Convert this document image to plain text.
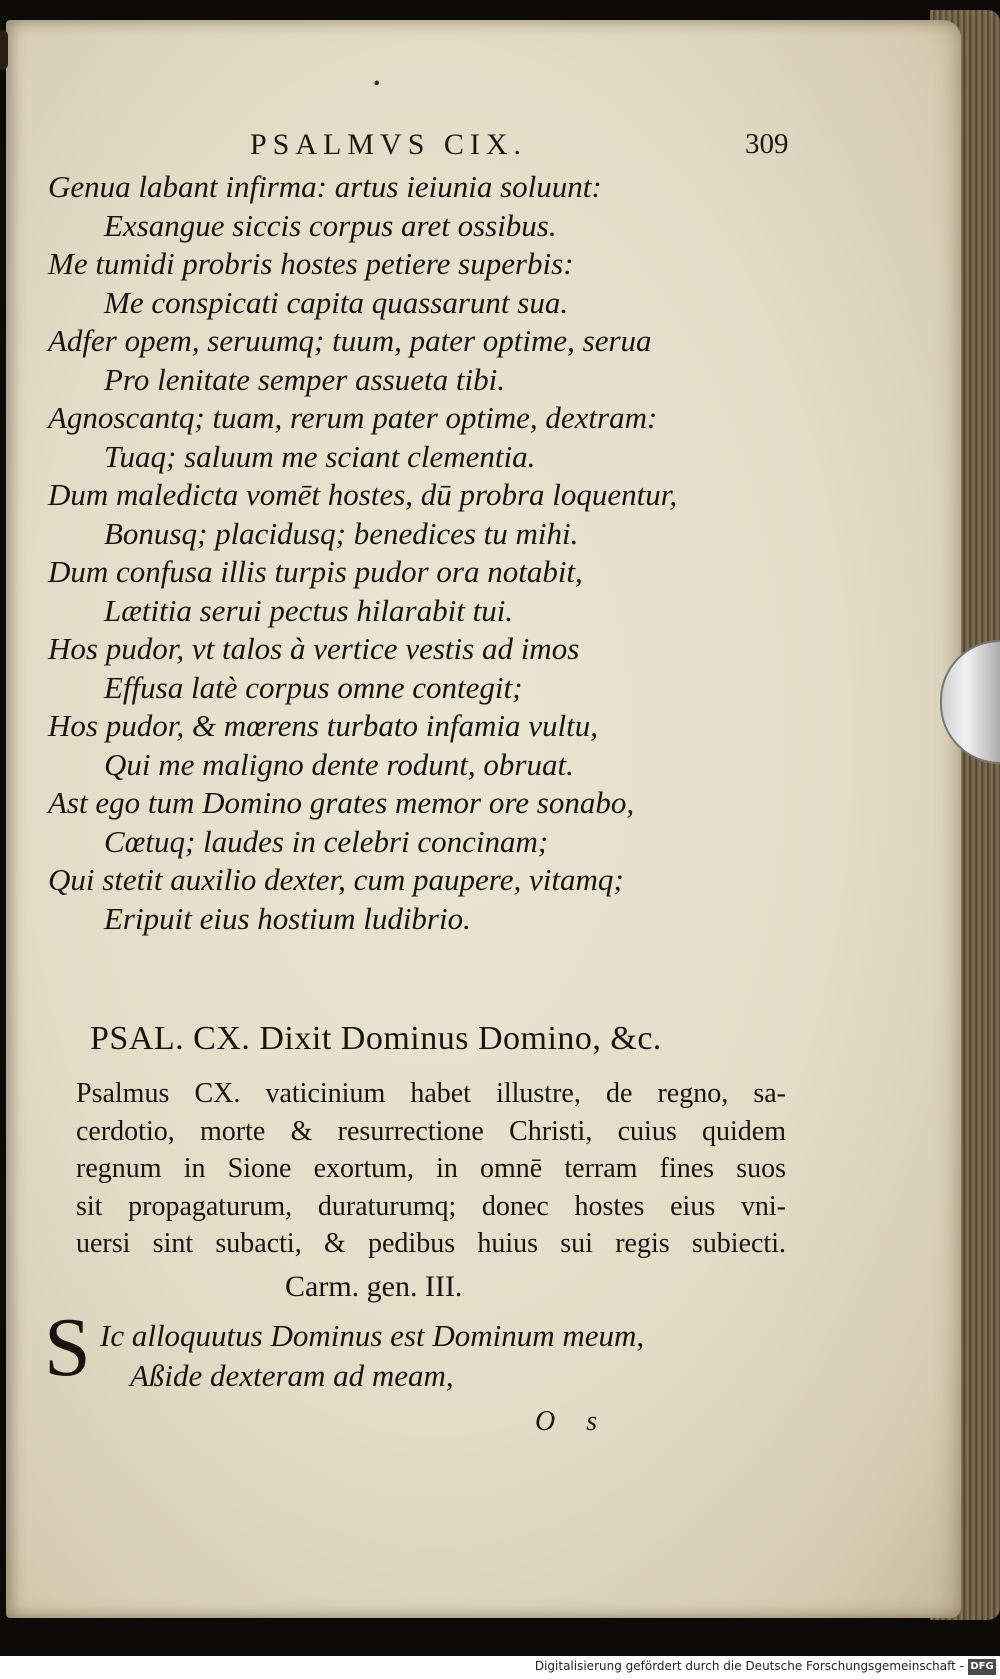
•
PSALMVS CIX.	309
Genua labant infirma: artus ieiunia soluunt:
Exsangue siccis corpus aret ossibus.
Me tumidi probris hostes petiere superbis:
Me conspicati capita quassarunt sua.
Adfer opem, seruumq; tuum, pater optime, serua
Pro lenitate semper assueta tibi.
Agnoscantq; tuam, rerum pater optime, dextram:
Tuaq; saluum me sciant clementia.
Dum maledicta vomēt hostes, dū probra loquentur,
Bonusq; placidusq; benedices tu mihi.
Dum confusa illis turpis pudor ora notabit,
Lætitia serui pectus hilarabit tui.
Hos pudor, vt talos à vertice vestis ad imos
Effusa latè corpus omne contegit;
Hos pudor, & mœrens turbato infamia vultu,
Qui me maligno dente rodunt, obruat.
Ast ego tum Domino grates memor ore sonabo,
Cœtuq; laudes in celebri concinam;
Qui stetit auxilio dexter, cum paupere, vitamq;
Eripuit eius hostium ludibrio.
PSAL. CX. Dixit Dominus Domino, &c.
Psalmus CX. vaticinium habet illustre, de regno, sa-
cerdotio, morte & resurrectione Christi, cuius quidem
regnum in Sione exortum, in omnē terram fines suos
sit propagaturum, duraturumq; donec hostes eius vni-
uersi sint subacti, & pedibus huius sui regis subiecti.
Carm. gen. III.
S Ic alloquutus Dominus est Dominum meum,
Aßide dexteram ad meam,
O s
Digitalisierung gefördert durch die Deutsche Forschungsgemeinschaft - DFG
